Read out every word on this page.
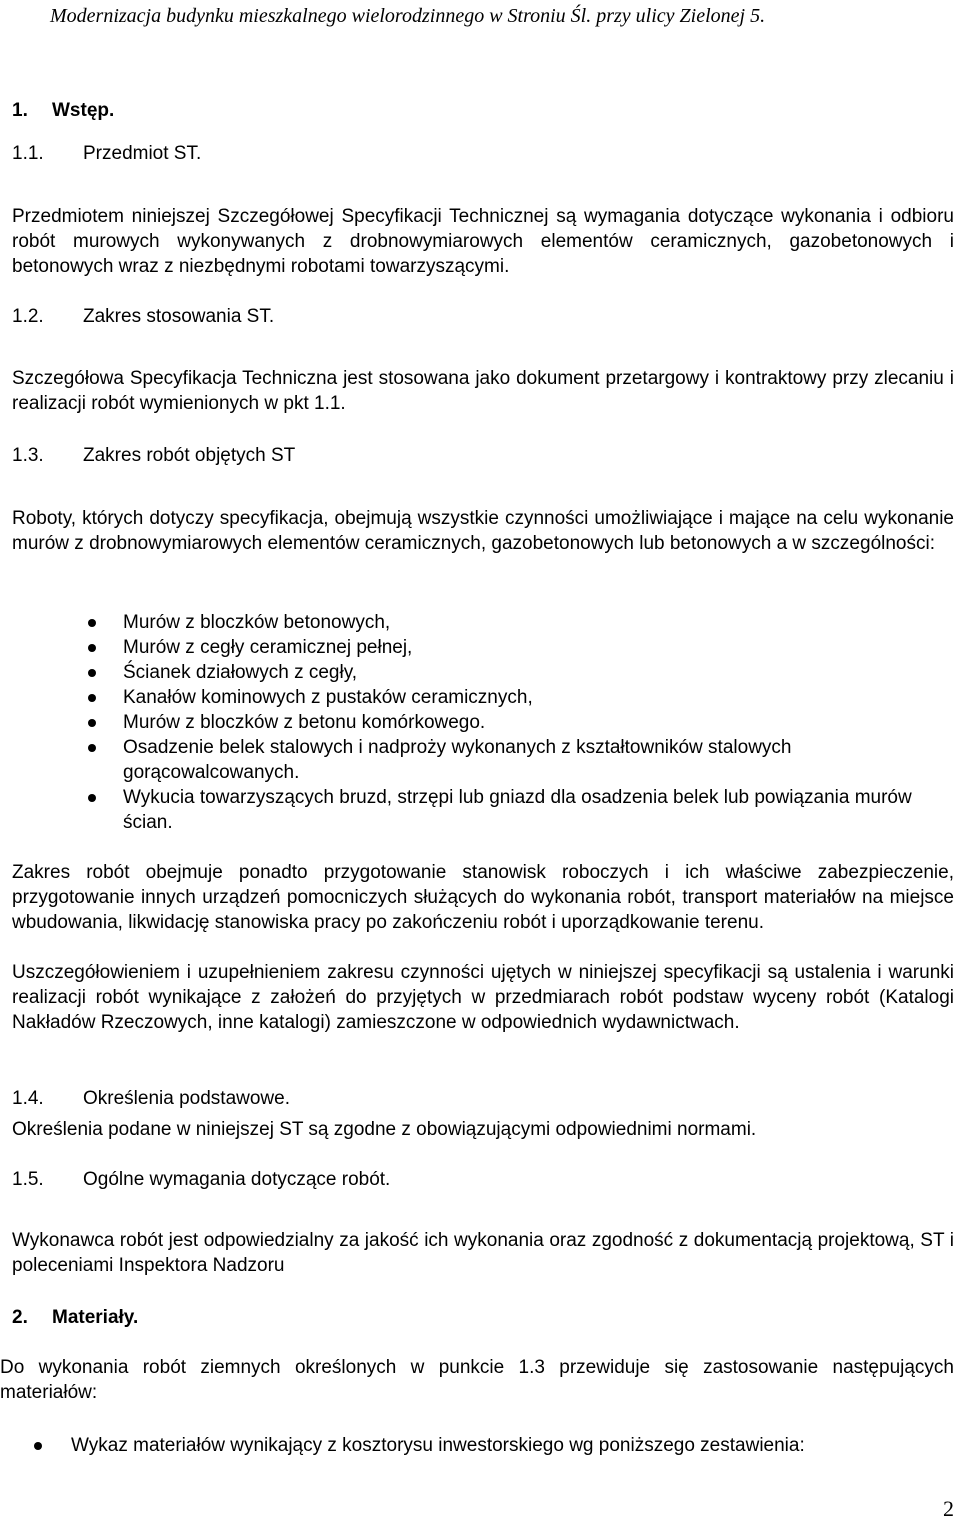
Modernizacja budynku mieszkalnego wielorodzinnego w Stroniu Śl. przy ulicy Zielonej 5.
1.	Wstęp.
1.1.	Przedmiot ST.
Przedmiotem niniejszej Szczegółowej Specyfikacji Technicznej są wymagania dotyczące wykonania i odbioru robót murowych wykonywanych z drobnowymiarowych elementów ceramicznych, gazobetonowych i betonowych wraz z niezbędnymi robotami towarzyszącymi.
1.2.	Zakres stosowania ST.
Szczegółowa Specyfikacja Techniczna jest stosowana jako dokument przetargowy i kontraktowy przy zlecaniu i realizacji robót wymienionych w pkt 1.1.
1.3.	Zakres robót objętych ST
Roboty, których dotyczy specyfikacja, obejmują wszystkie czynności umożliwiające i mające na celu wykonanie murów z drobnowymiarowych elementów ceramicznych, gazobetonowych lub betonowych a w szczególności:
Murów z bloczków betonowych,
Murów z cegły ceramicznej pełnej,
Ścianek działowych z cegły,
Kanałów kominowych z pustaków ceramicznych,
Murów z bloczków z betonu komórkowego.
Osadzenie belek stalowych i nadproży wykonanych z kształtowników stalowych gorącowalcowanych.
Wykucia towarzyszących bruzd, strzępi lub gniazd dla osadzenia belek lub powiązania murów ścian.
Zakres robót obejmuje ponadto przygotowanie stanowisk roboczych i ich właściwe zabezpieczenie, przygotowanie innych urządzeń pomocniczych służących do wykonania robót, transport materiałów na miejsce wbudowania, likwidację stanowiska pracy po zakończeniu robót i uporządkowanie terenu.
Uszczegółowieniem i uzupełnieniem zakresu czynności ujętych w niniejszej specyfikacji są ustalenia i warunki realizacji robót wynikające z założeń do przyjętych w przedmiarach robót podstaw wyceny robót (Katalogi Nakładów Rzeczowych, inne katalogi) zamieszczone w odpowiednich wydawnictwach.
1.4.	Określenia podstawowe.
Określenia podane w niniejszej ST są zgodne z obowiązującymi odpowiednimi normami.
1.5.	Ogólne wymagania dotyczące robót.
Wykonawca robót jest odpowiedzialny za jakość ich wykonania oraz zgodność z dokumentacją projektową, ST i poleceniami Inspektora Nadzoru
2.	Materiały.
Do wykonania robót ziemnych określonych w punkcie 1.3 przewiduje się zastosowanie następujących materiałów:
Wykaz materiałów wynikający z kosztorysu inwestorskiego wg poniższego zestawienia:
2
